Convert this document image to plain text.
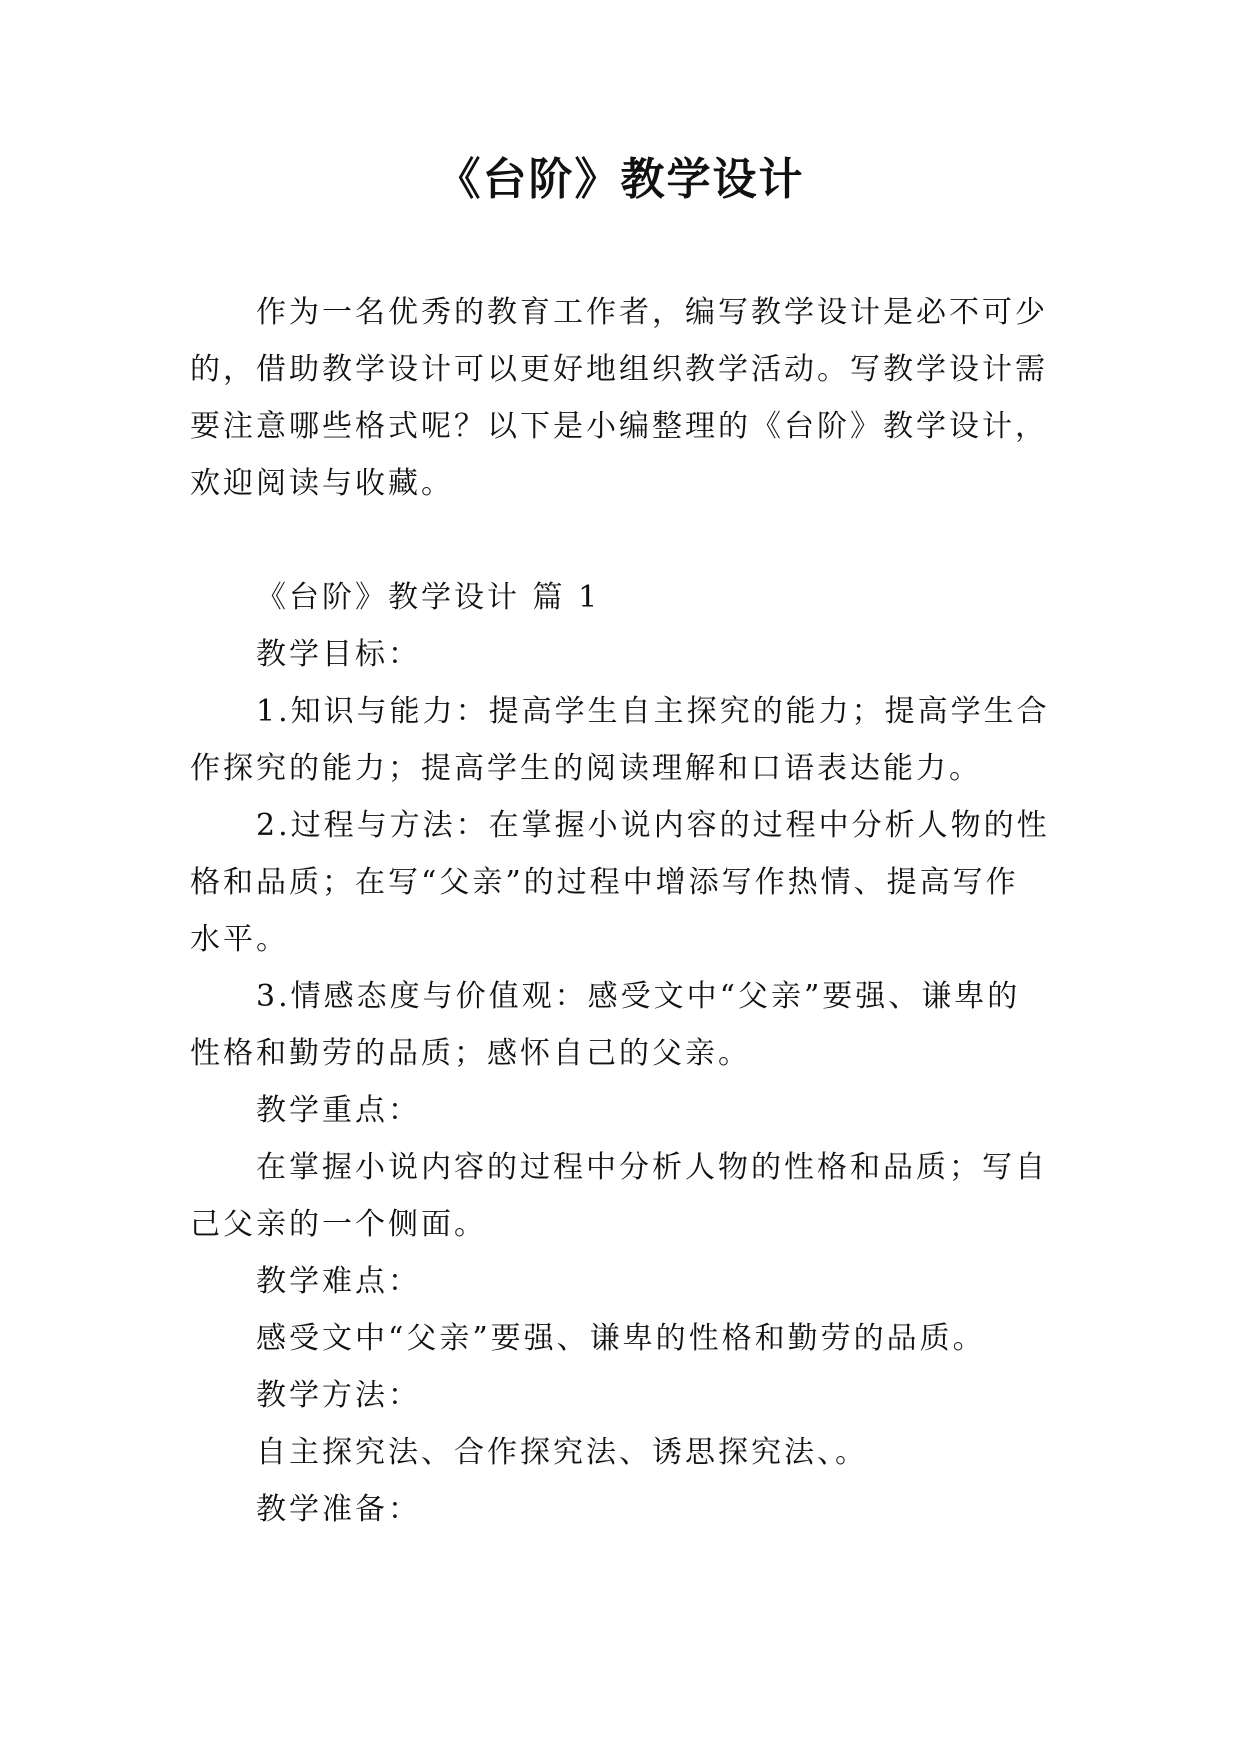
《台阶》教学设计

作为一名优秀的教育工作者，编写教学设计是必不可少的，借助教学设计可以更好地组织教学活动。写教学设计需要注意哪些格式呢？以下是小编整理的《台阶》教学设计，欢迎阅读与收藏。

《台阶》教学设计 篇 1

教学目标：

1.知识与能力：提高学生自主探究的能力；提高学生合作探究的能力；提高学生的阅读理解和口语表达能力。

2.过程与方法：在掌握小说内容的过程中分析人物的性格和品质；在写“父亲”的过程中增添写作热情、提高写作水平。

3.情感态度与价值观：感受文中“父亲”要强、谦卑的性格和勤劳的品质；感怀自己的父亲。

教学重点：

在掌握小说内容的过程中分析人物的性格和品质；写自己父亲的一个侧面。

教学难点：

感受文中“父亲”要强、谦卑的性格和勤劳的品质。

教学方法：

自主探究法、合作探究法、诱思探究法、。

教学准备：
